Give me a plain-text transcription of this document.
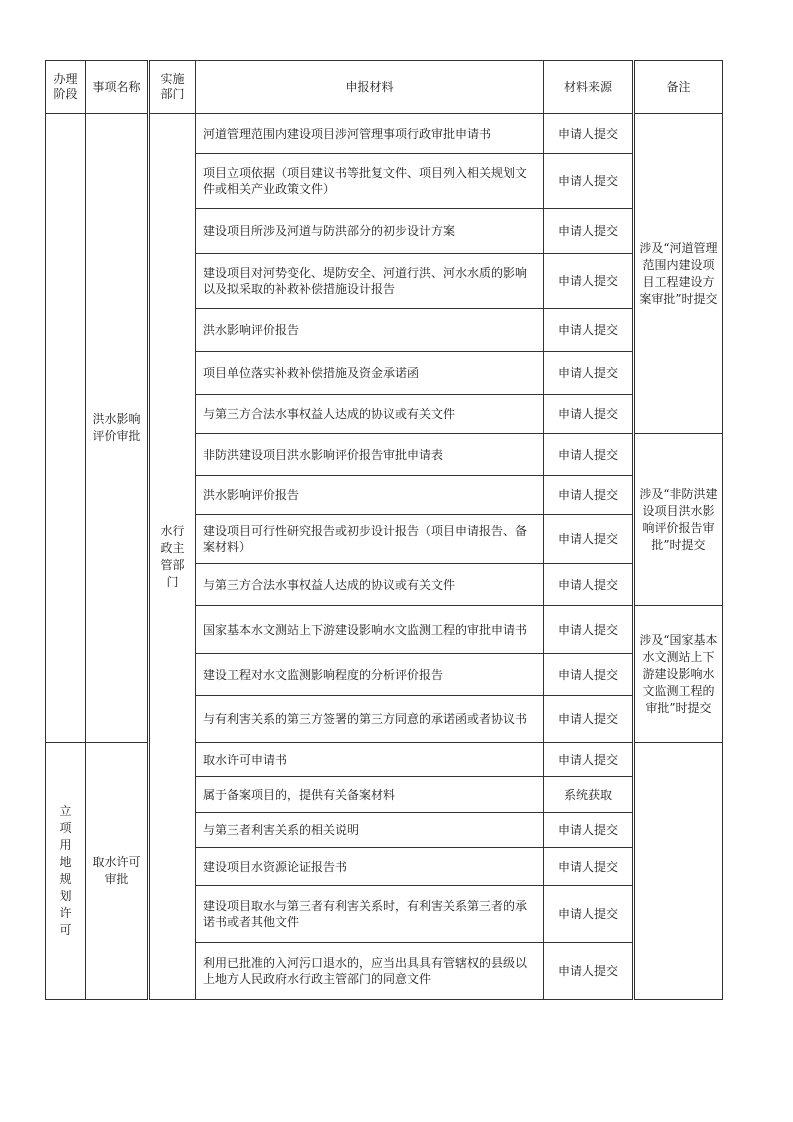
办理阶段	事项名称	实施部门	申报材料	材料来源	备注
	洪水影响评价审批	水行政主管部门	河道管理范围内建设项目涉河管理事项行政审批申请书	申请人提交	涉及“河道管理范围内建设项目工程建设方案审批”时提交
			项目立项依据（项目建议书等批复文件、项目列入相关规划文件或相关产业政策文件）	申请人提交	
			建设项目所涉及河道与防洪部分的初步设计方案	申请人提交	
			建设项目对河势变化、堤防安全、河道行洪、河水水质的影响以及拟采取的补救补偿措施设计报告	申请人提交	
			洪水影响评价报告	申请人提交	
			项目单位落实补救补偿措施及资金承诺函	申请人提交	
			与第三方合法水事权益人达成的协议或有关文件	申请人提交	
			非防洪建设项目洪水影响评价报告审批申请表	申请人提交	涉及“非防洪建设项目洪水影响评价报告审批”时提交
			洪水影响评价报告	申请人提交	
			建设项目可行性研究报告或初步设计报告（项目申请报告、备案材料）	申请人提交	
			与第三方合法水事权益人达成的协议或有关文件	申请人提交	
			国家基本水文测站上下游建设影响水文监测工程的审批申请书	申请人提交	涉及“国家基本水文测站上下游建设影响水文监测工程的审批”时提交
			建设工程对水文监测影响程度的分析评价报告	申请人提交	
			与有利害关系的第三方签署的第三方同意的承诺函或者协议书	申请人提交	
立项用地规划许可	取水许可审批		取水许可申请书	申请人提交	
			属于备案项目的，提供有关备案材料	系统获取	
			与第三者利害关系的相关说明	申请人提交	
			建设项目水资源论证报告书	申请人提交	
			建设项目取水与第三者有利害关系时，有利害关系第三者的承诺书或者其他文件	申请人提交	
			利用已批准的入河污口退水的，应当出具具有管辖权的县级以上地方人民政府水行政主管部门的同意文件	申请人提交	
